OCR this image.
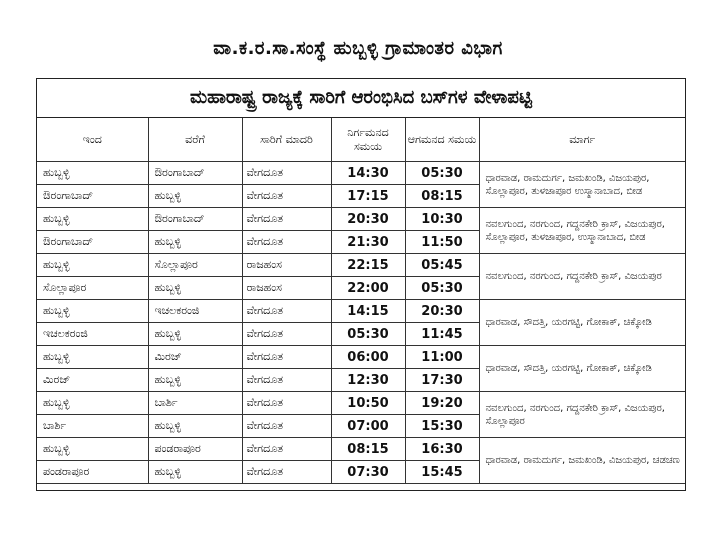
ವಾ.ಕ.ರ.ಸಾ.ಸಂಸ್ಥೆ ಹುಬ್ಬಳ್ಳಿ ಗ್ರಾಮಾಂತರ ವಿಭಾಗ
ಮಹಾರಾಷ್ಟ್ರ ರಾಜ್ಯಕ್ಕೆ ಸಾರಿಗೆ ಆರಂಭಿಸಿದ ಬಸ್‌ಗಳ ವೇಳಾಪಟ್ಟಿ
ಇಂದ	ವರೆಗೆ	ಸಾರಿಗೆ ಮಾದರಿ	ನಿರ್ಗಮನದ ಸಮಯ	ಆಗಮನದ ಸಮಯ	ಮಾರ್ಗ
ಹುಬ್ಬಳ್ಳಿ	ಔರಂಗಾಬಾದ್	ವೇಗದೂತ	14:30	05:30	ಧಾರವಾಡ, ರಾಮದುರ್ಗ, ಜಮಖಂಡಿ, ವಿಜಯಪುರ, ಸೊಲ್ಲಾಪೂರ, ತುಳಜಾಪೂರ ಉಸ್ಮಾನಾಬಾದ, ಬೀಡ
ಔರಂಗಾಬಾದ್	ಹುಬ್ಬಳ್ಳಿ	ವೇಗದೂತ	17:15	08:15	
ಹುಬ್ಬಳ್ಳಿ	ಔರಂಗಾಬಾದ್	ವೇಗದೂತ	20:30	10:30	ನವಲಗುಂದ, ನರಗುಂದ, ಗದ್ದನಕೇರಿ ಕ್ರಾಸ್, ವಿಜಯಪುರ, ಸೊಲ್ಲಾಪೂರ, ತುಳಜಾಪೂರ, ಉಸ್ಮಾನಾಬಾದ, ಬೀಡ
ಔರಂಗಾಬಾದ್	ಹುಬ್ಬಳ್ಳಿ	ವೇಗದೂತ	21:30	11:50	
ಹುಬ್ಬಳ್ಳಿ	ಸೊಲ್ಲಾಪೂರ	ರಾಜಹಂಸ	22:15	05:45	ನವಲಗುಂದ, ನರಗುಂದ, ಗದ್ದನಕೇರಿ ಕ್ರಾಸ್, ವಿಜಯಪುರ
ಸೊಲ್ಲಾಪೂರ	ಹುಬ್ಬಳ್ಳಿ	ರಾಜಹಂಸ	22:00	05:30	
ಹುಬ್ಬಳ್ಳಿ	ಇಚಲಕರಂಜಿ	ವೇಗದೂತ	14:15	20:30	ಧಾರವಾಡ, ಸೌದತ್ತಿ, ಯರಗಟ್ಟಿ, ಗೋಕಾಕ್, ಚಿಕ್ಕೋಡಿ
ಇಚಲಕರಂಜಿ	ಹುಬ್ಬಳ್ಳಿ	ವೇಗದೂತ	05:30	11:45	
ಹುಬ್ಬಳ್ಳಿ	ಮಿರಜ್	ವೇಗದೂತ	06:00	11:00	ಧಾರವಾಡ, ಸೌದತ್ತಿ, ಯರಗಟ್ಟಿ, ಗೋಕಾಕ್, ಚಿಕ್ಕೋಡಿ
ಮಿರಜ್	ಹುಬ್ಬಳ್ಳಿ	ವೇಗದೂತ	12:30	17:30	
ಹುಬ್ಬಳ್ಳಿ	ಬಾರ್ಶಿ	ವೇಗದೂತ	10:50	19:20	ನವಲಗುಂದ, ನರಗುಂದ, ಗದ್ದನಕೇರಿ ಕ್ರಾಸ್, ವಿಜಯಪುರ, ಸೊಲ್ಲಾಪೂರ
ಬಾರ್ಶಿ	ಹುಬ್ಬಳ್ಳಿ	ವೇಗದೂತ	07:00	15:30	
ಹುಬ್ಬಳ್ಳಿ	ಪಂಡರಾಪೂರ	ವೇಗದೂತ	08:15	16:30	ಧಾರವಾಡ, ರಾಮದುರ್ಗ, ಜಮಖಂಡಿ, ವಿಜಯಪುರ, ಚಡಚಣ
ಪಂಡರಾಪೂರ	ಹುಬ್ಬಳ್ಳಿ	ವೇಗದೂತ	07:30	15:45	
